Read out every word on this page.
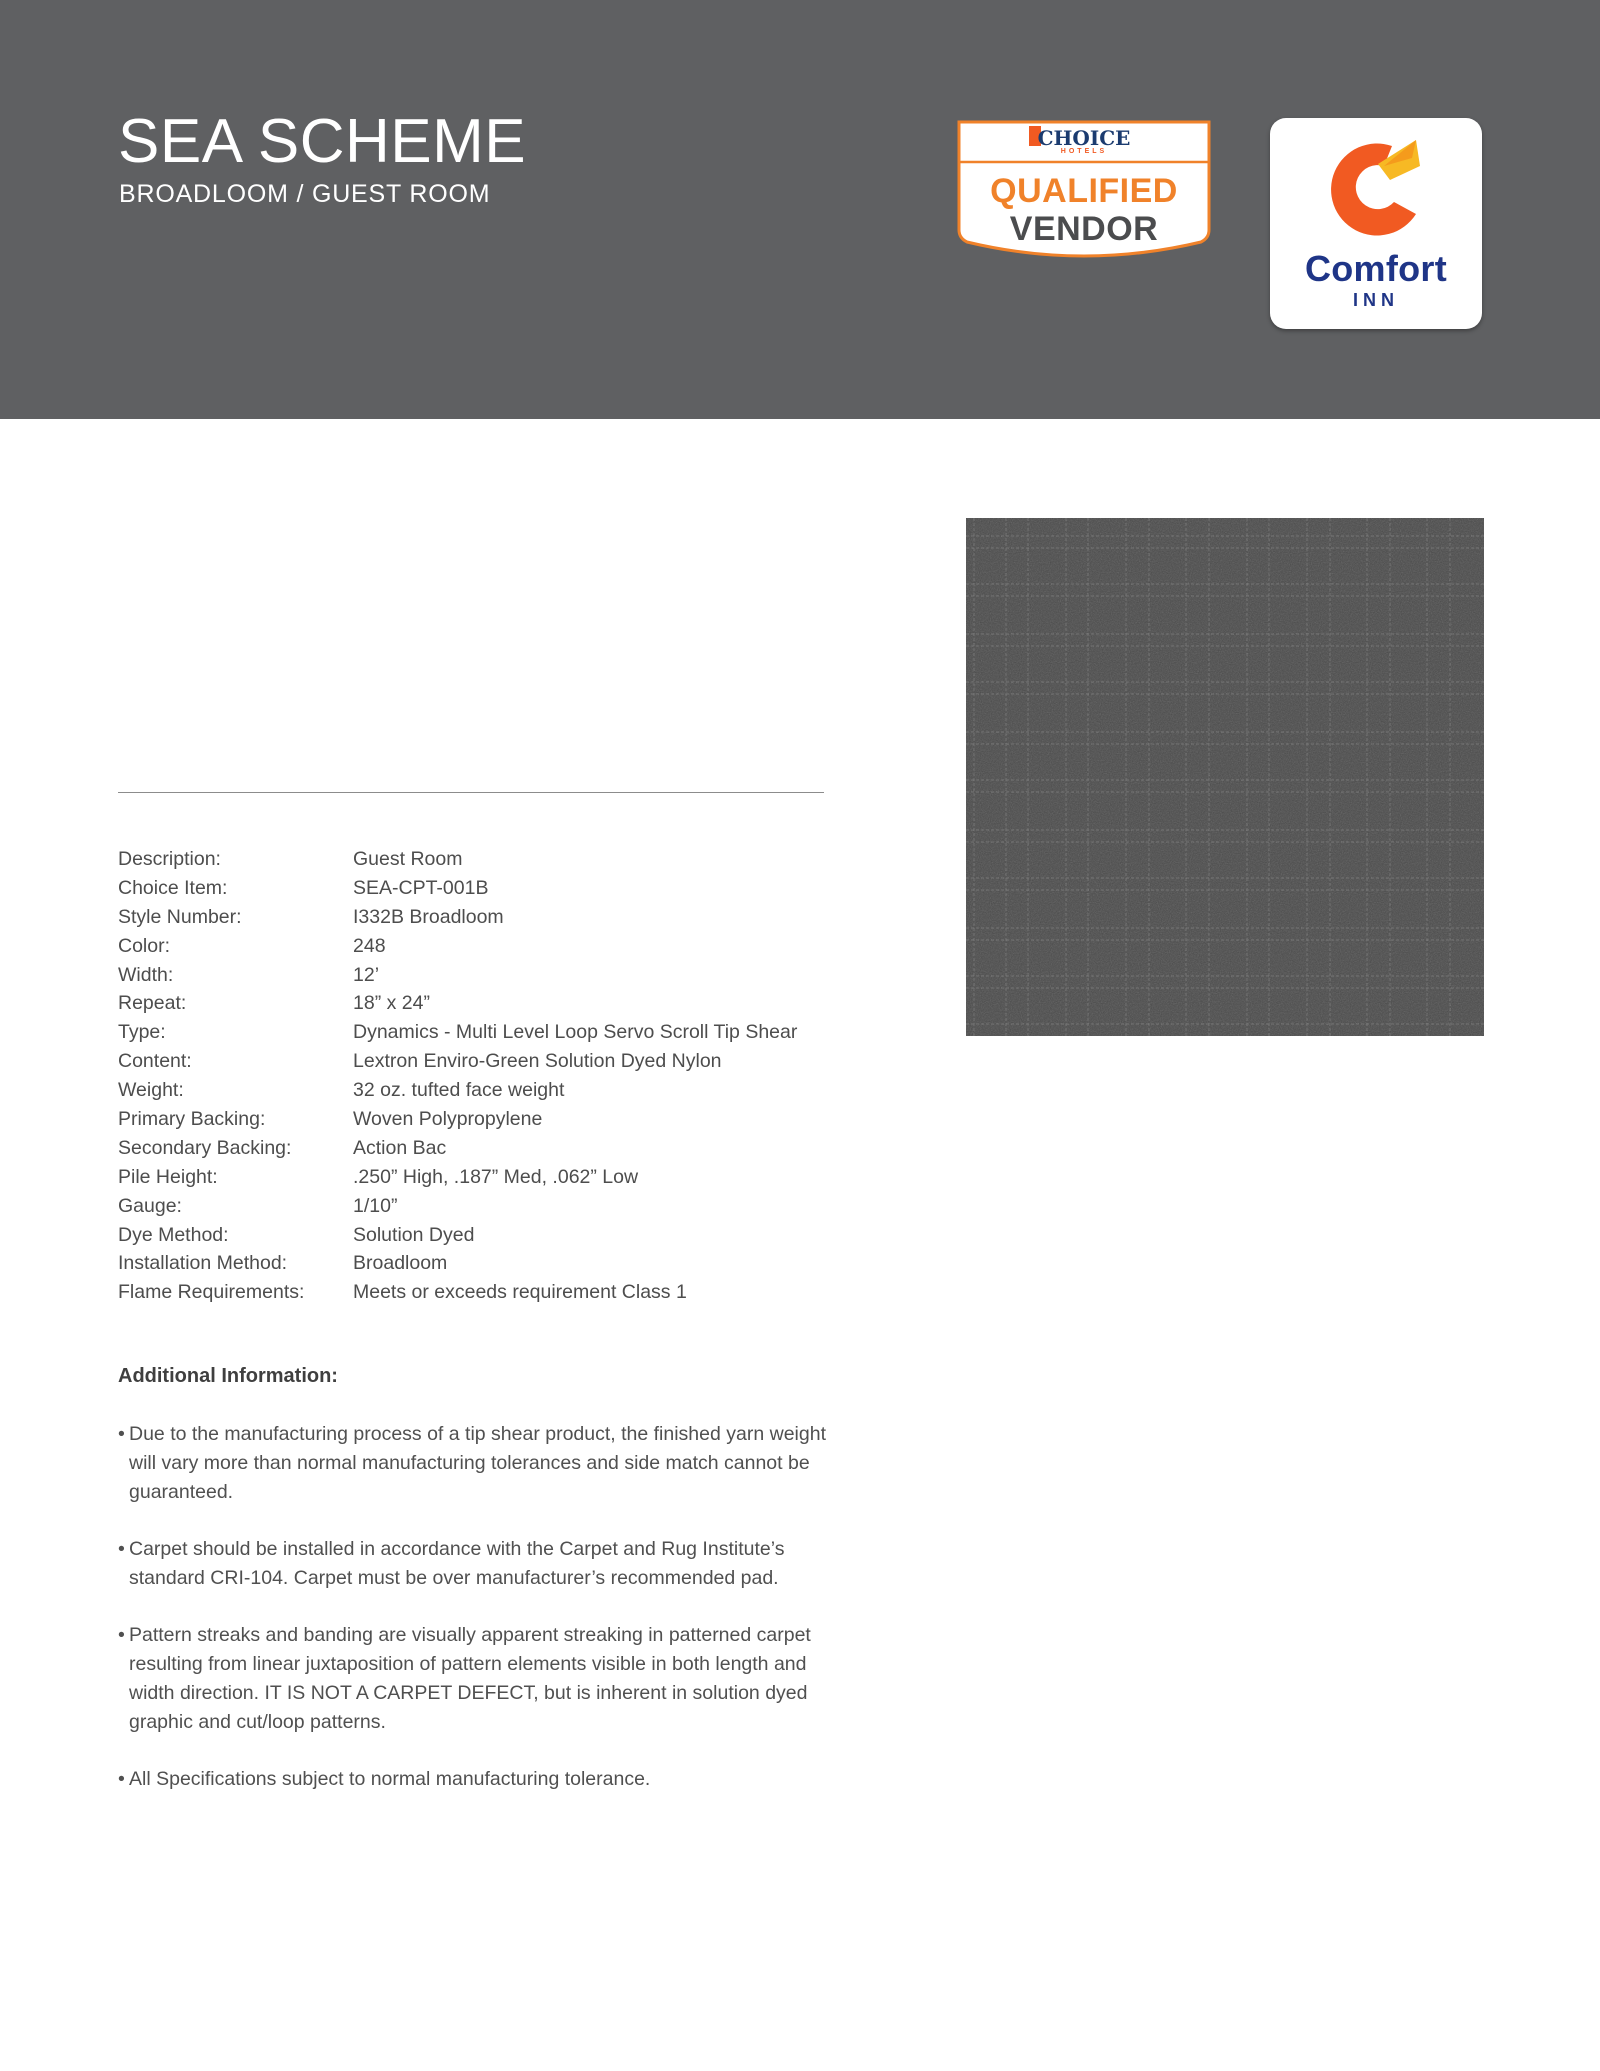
SEA SCHEME
BROADLOOM / GUEST ROOM
CHOICE
HOTELS
QUALIFIED
VENDOR
Comfort
INN
Description:	Guest Room
Choice Item:	SEA-CPT-001B
Style Number:	I332B Broadloom
Color:	248
Width:	12’
Repeat:	18” x 24”
Type:	Dynamics - Multi Level Loop Servo Scroll Tip Shear
Content:	Lextron Enviro-Green Solution Dyed Nylon
Weight:	32 oz. tufted face weight
Primary Backing:	Woven Polypropylene
Secondary Backing:	Action Bac
Pile Height:	.250” High, .187” Med, .062” Low
Gauge:	1/10”
Dye Method:	Solution Dyed
Installation Method:	Broadloom
Flame Requirements:	Meets or exceeds requirement Class 1
Additional Information:
• Due to the manufacturing process of a tip shear product, the finished yarn weight will vary more than normal manufacturing tolerances and side match cannot be guaranteed.
• Carpet should be installed in accordance with the Carpet and Rug Institute’s standard CRI-104. Carpet must be over manufacturer’s recommended pad.
• Pattern streaks and banding are visually apparent streaking in patterned carpet resulting from linear juxtaposition of pattern elements visible in both length and width direction. IT IS NOT A CARPET DEFECT, but is inherent in solution dyed graphic and cut/loop patterns.
• All Specifications subject to normal manufacturing tolerance.
